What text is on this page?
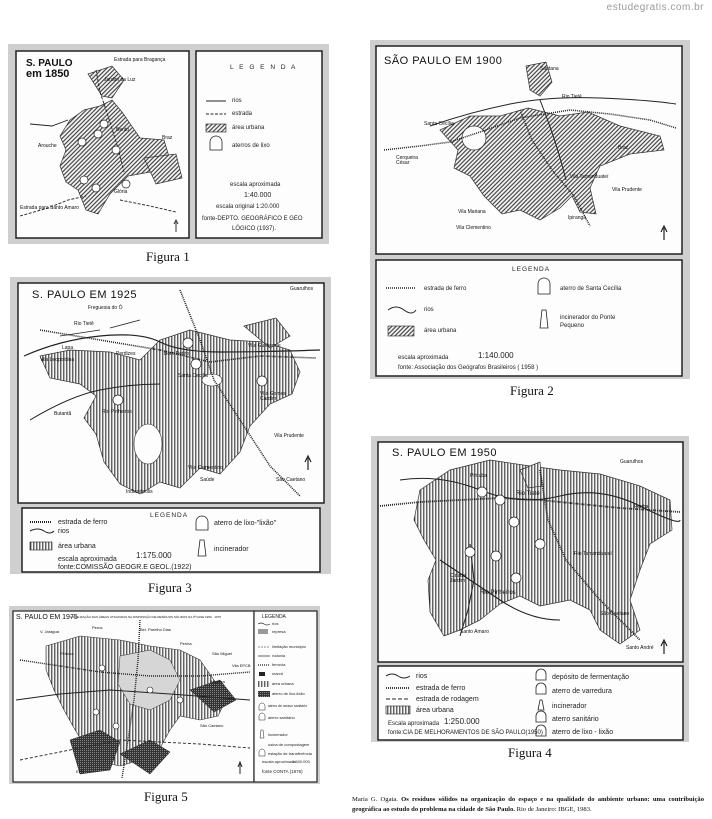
estudegratis.com.br
S. PAULO
em 1850	Jardim da Luz
Arouche
Bento
Braz
Glória
Estrada para Santo Amaro
Estrada para Bragança
L E G E N D A
rios
estrada
área urbana
aterros de lixo
escala aproximada
1:40.000
escala original 1:20.000
fonte-DEPTO. GEOGRÁFICO E GEO
LÓGICO (1937).
Figura 1
SÃO PAULO EM 1900
Santana
Rio Tietê
Santa Cecília
Cerqueira César
Vila Tamanduateí
Braz
Vila Prudente
Vila Mariana
Ipiranga
Vila Clementino
LEGENDA
estrada de ferro
rios
área urbana
aterro de Santa Cecília
incinerador do Ponte Pequeno
escala aproximada	1:140.000
fonte: Associação dos Geógrafos Brasileiros ( 1958 )
Figura 2
S. PAULO EM 1925	Guarulhos
Freguesia do Ó
Rio Tietê
Lapa
Vila Leopoldina
Perdizes	Bom Retiro
Santa Cecília
Vila Guilherme
Vila Gomes Cardim
Rio Pinheiros
Butantã
Vila Prudente
Vila Clementino
Saúde	São Caetano
Indianópolis
LEGENDA
estrada de ferro
rios
área urbana
aterro de lixo-"lixão"
incinerador
escala aproximada 1:175.000
fonte:COMISSÃO GEOGR.E GEOL.(1922)
Figura 3
S. PAULO EM 1950
Guarulhos
Pirituba
Rio Tietê
Penha
Rio Tamanduateí
Cidade Jardim
Rio Pinheiros
São Caetano
Santo Amaro
Santo André
rios
estrada de ferro
estrada de rodagem
área urbana
depósito de fermentação
aterro de varredura
incinerador
aterro sanitário
aterro de lixo - lixão
Escala aproximada 1:250.000
fonte:CIA DE MELHORAMENTOS DE SÃO PAULO(1950)
Figura 4
S. PAULO EM 1975
LOCALIZAÇÃO DAS ÁREAS UTILIZADAS NA DISPOSIÇÃO DE RESÍDUOS SÓLIDOS NA 3ª FASE 1950 - 1975
V. Jaraguá
Perus	Bel. Parelho Dias
Pirituba
Penha
São Miguel
Vila EPCB
Itaquera
São Caetano
EPS
LEGENDA
rios
represa
limitação municipio
rodovia
ferrovia
marcô
área urbana
aterro de lixo-lixão
aterro de arraso sanitário
aterro sanitário
incinerador
usina de compostagem
estação de transferência
escala aproximada
1:540.000
fonte CONTA (1976)
Figura 5	Maria G. Ogata. Os resíduos sólidos na organização do espaço e na qualidade do ambiente urbano: uma contribuição geográfica ao estudo do problema na cidade de São Paulo. Rio de Janeiro: IBGE, 1983.
